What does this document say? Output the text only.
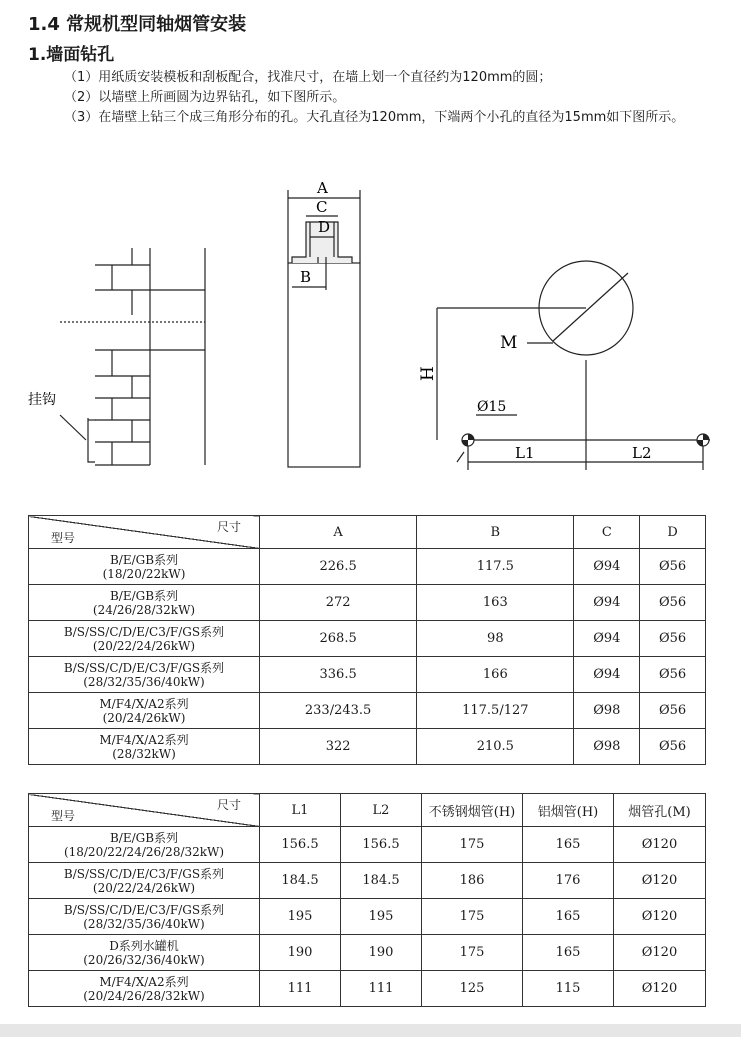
1.4 常规机型同轴烟管安装
1.墙面钻孔
（1）用纸质安装模板和刮板配合，找准尺寸，在墙上划一个直径约为120mm的圆；
（2）以墙壁上所画圆为边界钻孔，如下图所示。
（3）在墙壁上钻三个成三角形分布的孔。大孔直径为120mm，下端两个小孔的直径为15mm如下图所示。
挂钩
A
C
D
B
M
H
Ø15
L1	L2
尺寸
型号	A	B	C	D
B/E/GB系列
(18/20/22kW)	226.5	117.5	Ø94	Ø56
B/E/GB系列
(24/26/28/32kW)	272	163	Ø94	Ø56
B/S/SS/C/D/E/C3/F/GS系列
(20/22/24/26kW)	268.5	98	Ø94	Ø56
B/S/SS/C/D/E/C3/F/GS系列
(28/32/35/36/40kW)	336.5	166	Ø94	Ø56
M/F4/X/A2系列
(20/24/26kW)	233/243.5	117.5/127	Ø98	Ø56
M/F4/X/A2系列
(28/32kW)	322	210.5	Ø98	Ø56
尺寸
型号	L1	L2	不锈钢烟管(H)	铝烟管(H)	烟管孔(M)
B/E/GB系列
(18/20/22/24/26/28/32kW)	156.5	156.5	175	165	Ø120
B/S/SS/C/D/E/C3/F/GS系列
(20/22/24/26kW)	184.5	184.5	186	176	Ø120
B/S/SS/C/D/E/C3/F/GS系列
(28/32/35/36/40kW)	195	195	175	165	Ø120
D系列水罐机
(20/26/32/36/40kW)	190	190	175	165	Ø120
M/F4/X/A2系列
(20/24/26/28/32kW)	111	111	125	115	Ø120
